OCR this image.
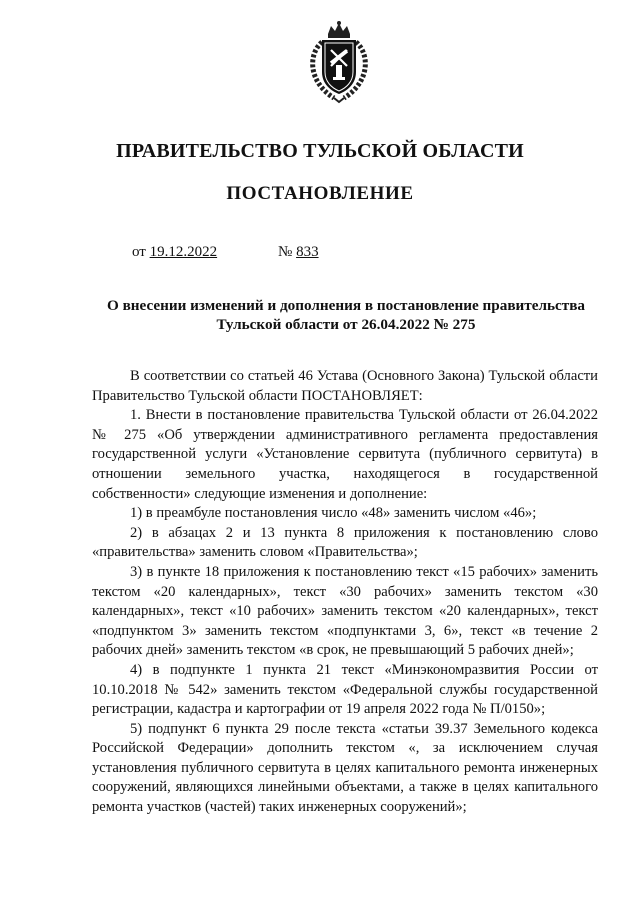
ПРАВИТЕЛЬСТВО ТУЛЬСКОЙ ОБЛАСТИ
ПОСТАНОВЛЕНИЕ
от 19.12.2022	№ 833
О внесении изменений и дополнения в постановление правительства Тульской области от 26.04.2022 № 275

В соответствии со статьей 46 Устава (Основного Закона) Тульской области Правительство Тульской области ПОСТАНОВЛЯЕТ:

1. Внести в постановление правительства Тульской области от 26.04.2022 № 275 «Об утверждении административного регламента предоставления государственной услуги «Установление сервитута (публичного сервитута) в отношении земельного участка, находящегося в государственной собственности» следующие изменения и дополнение:

1) в преамбуле постановления число «48» заменить числом «46»;

2) в абзацах 2 и 13 пункта 8 приложения к постановлению слово «правительства» заменить словом «Правительства»;

3) в пункте 18 приложения к постановлению текст «15 рабочих» заменить текстом «20 календарных», текст «30 рабочих» заменить текстом «30 календарных», текст «10 рабочих» заменить текстом «20 календарных», текст «подпунктом 3» заменить текстом «подпунктами 3, 6», текст «в течение 2 рабочих дней» заменить текстом «в срок, не превышающий 5 рабочих дней»;

4) в подпункте 1 пункта 21 текст «Минэкономразвития России от 10.10.2018 № 542» заменить текстом «Федеральной службы государственной регистрации, кадастра и картографии от 19 апреля 2022 года № П/0150»;

5) подпункт 6 пункта 29 после текста «статьи 39.37 Земельного кодекса Российской Федерации» дополнить текстом «, за исключением случая установления публичного сервитута в целях капитального ремонта инженерных сооружений, являющихся линейными объектами, а также в целях капитального ремонта участков (частей) таких инженерных сооружений»;
